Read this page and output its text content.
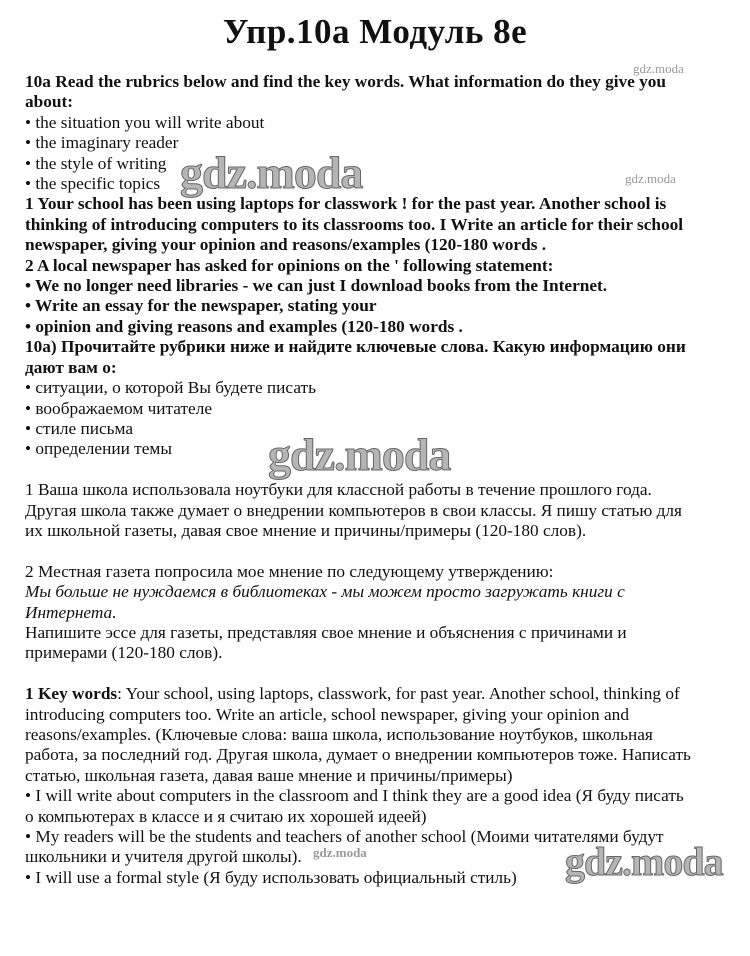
Упр.10а Модуль 8е
10a Read the rubrics below and find the key words. What information do they give you
about:
• the situation you will write about
• the imaginary reader
• the style of writing
• the specific topics
1 Your school has been using laptops for classwork ! for the past year. Another school is
thinking of introducing computers to its classrooms too. I Write an article for their school
newspaper, giving your opinion and reasons/examples (120-180 words .
2 A local newspaper has asked for opinions on the ' following statement:
• We no longer need libraries - we can just I download books from the Internet.
• Write an essay for the newspaper, stating your
• opinion and giving reasons and examples (120-180 words .
10a) Прочитайте рубрики ниже и найдите ключевые слова. Какую информацию они
дают вам о:
• ситуации, о которой Вы будете писать
• воображаемом читателе
• стиле письма
• определении темы
1 Ваша школа использовала ноутбуки для классной работы в течение прошлого года.
Другая школа также думает о внедрении компьютеров в свои классы. Я пишу статью для
их школьной газеты, давая свое мнение и причины/примеры (120-180 слов).
2 Местная газета попросила мое мнение по следующему утверждению:
Мы больше не нуждаемся в библиотеках - мы можем просто загружать книги с
Интернета.
Напишите эссе для газеты, представляя свое мнение и объяснения с причинами и
примерами (120-180 слов).
1 Key words: Your school, using laptops, classwork, for past year. Another school, thinking of
introducing computers too. Write an article, school newspaper, giving your opinion and
reasons/examples. (Ключевые слова: ваша школа, использование ноутбуков, школьная
работа, за последний год. Другая школа, думает о внедрении компьютеров тоже. Написать
статью, школьная газета, давая ваше мнение и причины/примеры)
• I will write about computers in the classroom and I think they are a good idea (Я буду писать
о компьютерах в классе и я считаю их хорошей идеей)
• My readers will be the students and teachers of another school (Моими читателями будут
школьники и учителя другой школы).
• I will use a formal style (Я буду использовать официальный стиль)
gdz.moda
gdz.moda	gdz.moda
gdz.moda
gdz.moda	gdz.moda
